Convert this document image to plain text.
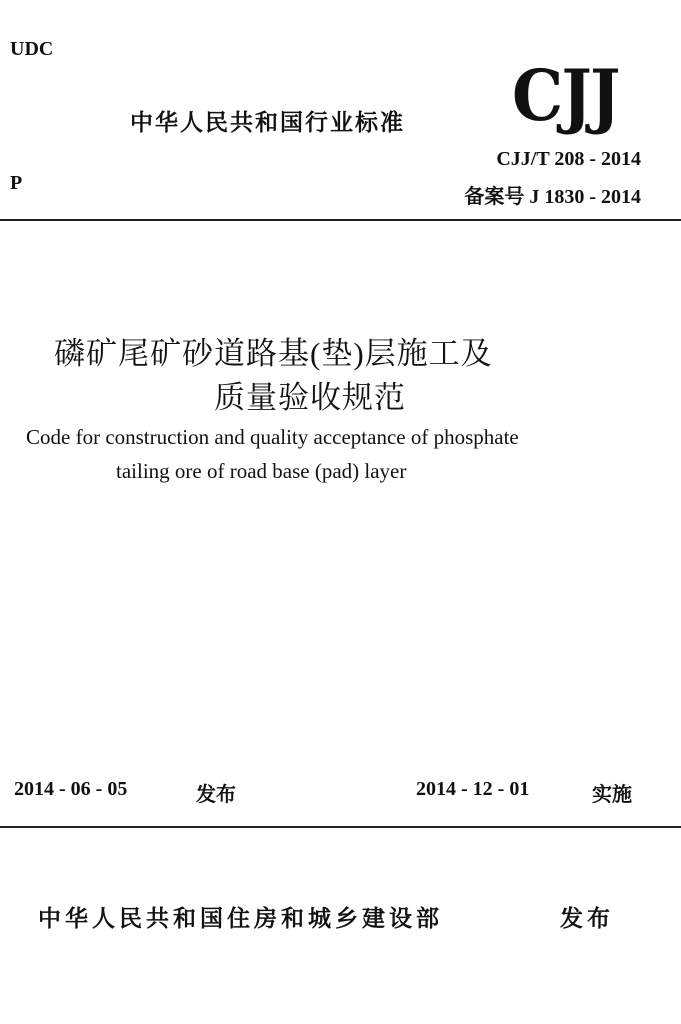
UDC
中华人民共和国行业标准 CJJ
CJJ/T 208 - 2014
备案号 J 1830 - 2014
P
磷矿尾矿砂道路基(垫)层施工及
质量验收规范
Code for construction and quality acceptance of phosphate
tailing ore of road base (pad) layer
2014 - 06 - 05	发布	2014 - 12 - 01	实施
中华人民共和国住房和城乡建设部	发布
